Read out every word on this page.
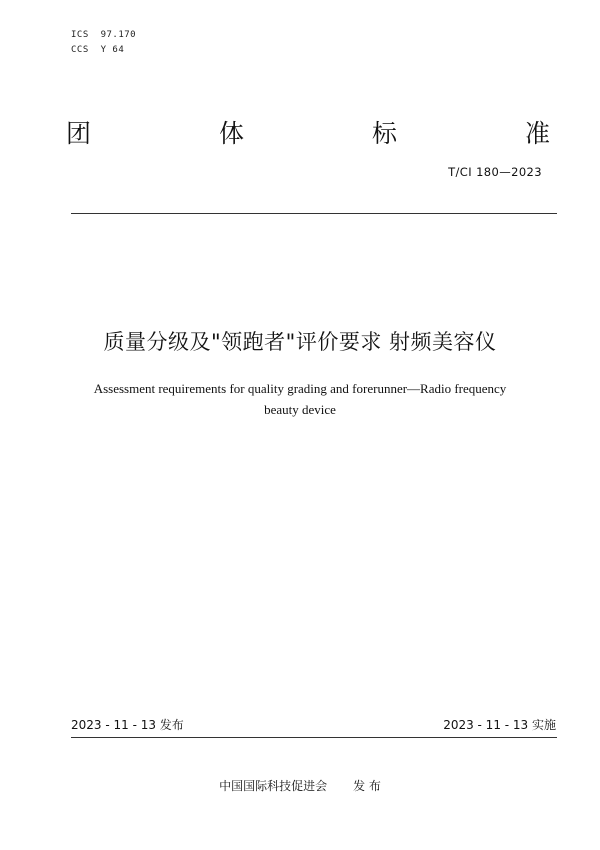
ICS  97.170
CCS  Y 64
团	体	标	准
T/CI 180—2023
质量分级及"领跑者"评价要求 射频美容仪
Assessment requirements for quality grading and forerunner—Radio frequency
beauty device
2023 - 11 - 13 发布	2023 - 11 - 13 实施
中国国际科技促进会 发 布
